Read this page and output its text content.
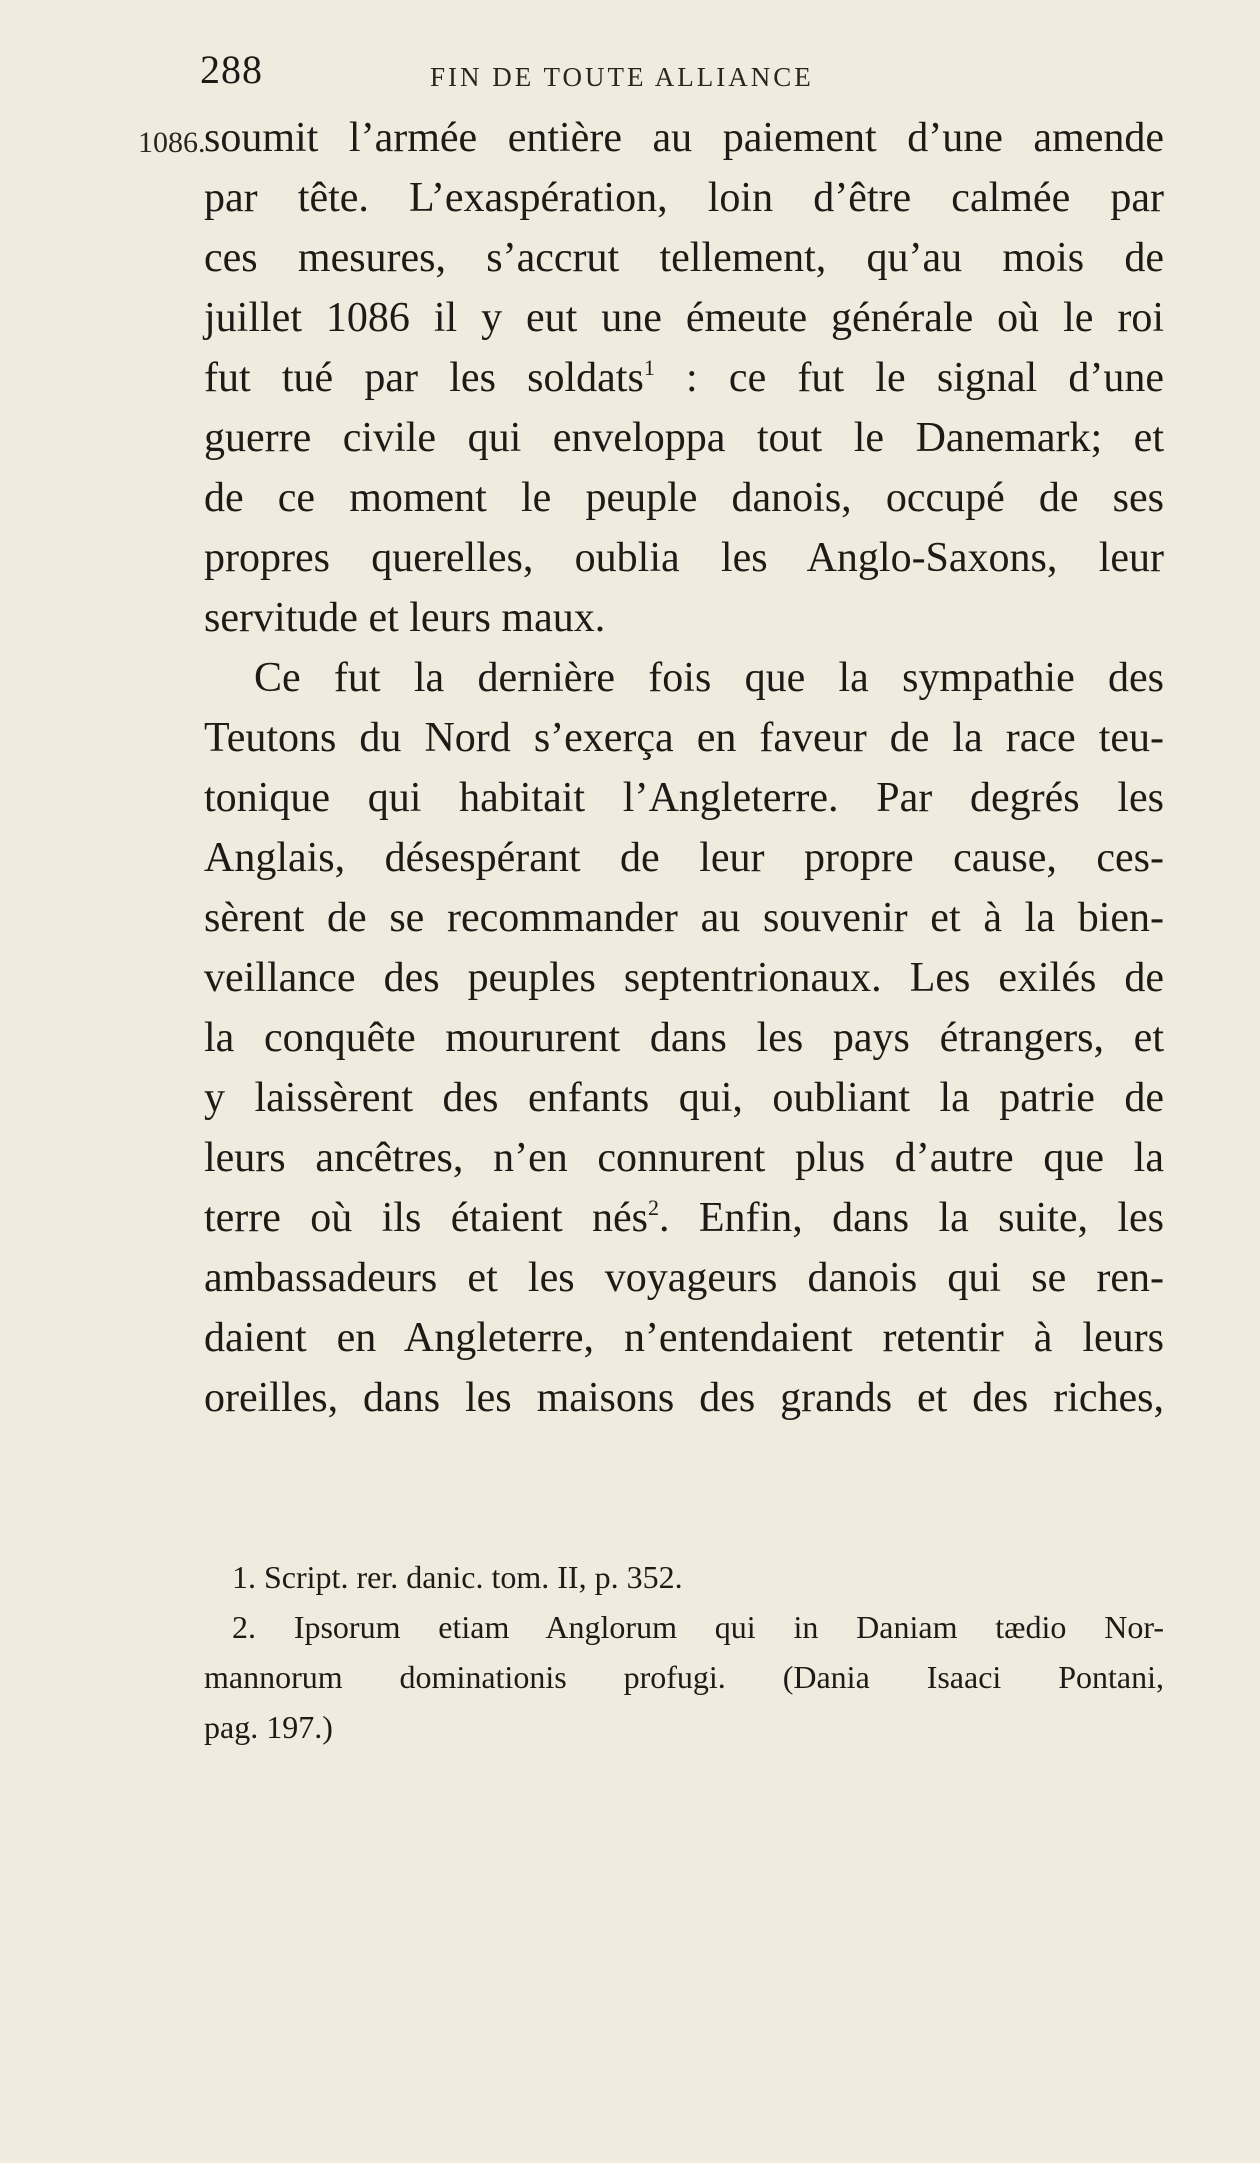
288	FIN DE TOUTE ALLIANCE
1086.
soumit l’armée entière au paiement d’une amende
par tête. L’exaspération, loin d’être calmée par
ces mesures, s’accrut tellement, qu’au mois de
juillet 1086 il y eut une émeute générale où le roi
fut tué par les soldats$^1$ : ce fut le signal d’une
guerre civile qui enveloppa tout le Danemark; et
de ce moment le peuple danois, occupé de ses
propres querelles, oublia les Anglo-Saxons, leur
servitude et leurs maux.
Ce fut la dernière fois que la sympathie des
Teutons du Nord s’exerça en faveur de la race teu-
tonique qui habitait l’Angleterre. Par degrés les
Anglais, désespérant de leur propre cause, ces-
sèrent de se recommander au souvenir et à la bien-
veillance des peuples septentrionaux. Les exilés de
la conquête moururent dans les pays étrangers, et
y laissèrent des enfants qui, oubliant la patrie de
leurs ancêtres, n’en connurent plus d’autre que la
terre où ils étaient nés$^2$. Enfin, dans la suite, les
ambassadeurs et les voyageurs danois qui se ren-
daient en Angleterre, n’entendaient retentir à leurs
oreilles, dans les maisons des grands et des riches,
1. Script. rer. danic. tom. II, p. 352.
2. Ipsorum etiam Anglorum qui in Daniam tædio Nor-
mannorum dominationis profugi. (Dania Isaaci Pontani,
pag. 197.)
